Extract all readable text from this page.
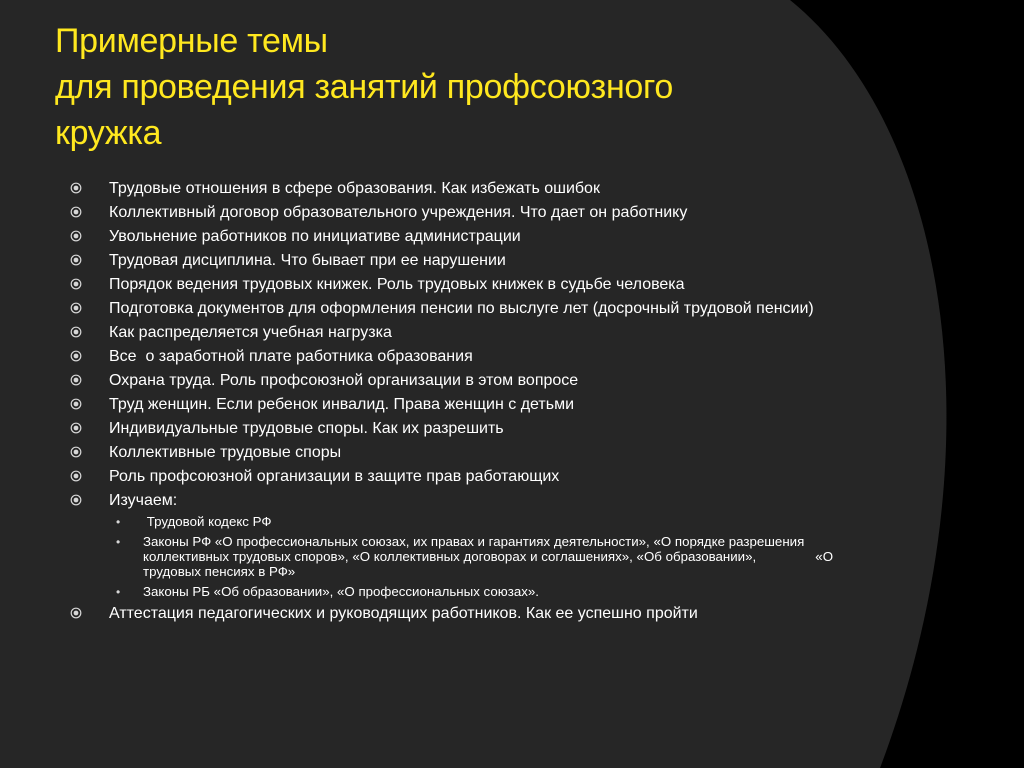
Примерные темы
для проведения занятий профсоюзного
кружка
Трудовые отношения в сфере образования. Как избежать ошибок
Коллективный договор образовательного учреждения. Что дает он работнику
Увольнение работников по инициативе администрации
Трудовая дисциплина. Что бывает при ее нарушении
Порядок ведения трудовых книжек. Роль трудовых книжек в судьбе человека
Подготовка документов для оформления пенсии по выслуге лет (досрочный трудовой пенсии)
Как распределяется учебная нагрузка
Все  о заработной плате работника образования
Охрана труда. Роль профсоюзной организации в этом вопросе
Труд женщин. Если ребенок инвалид. Права женщин с детьми
Индивидуальные трудовые споры. Как их разрешить
Коллективные трудовые споры
Роль профсоюзной организации в защите прав работающих
Изучаем:
• Трудовой кодекс РФ
• Законы РФ «О профессиональных союзах, их правах и гарантиях деятельности», «О порядке разрешения коллективных трудовых споров», «О коллективных договорах и соглашениях», «Об образовании»,                «О трудовых пенсиях в РФ»
• Законы РБ «Об образовании», «О профессиональных союзах».
Аттестация педагогических и руководящих работников. Как ее успешно пройти
